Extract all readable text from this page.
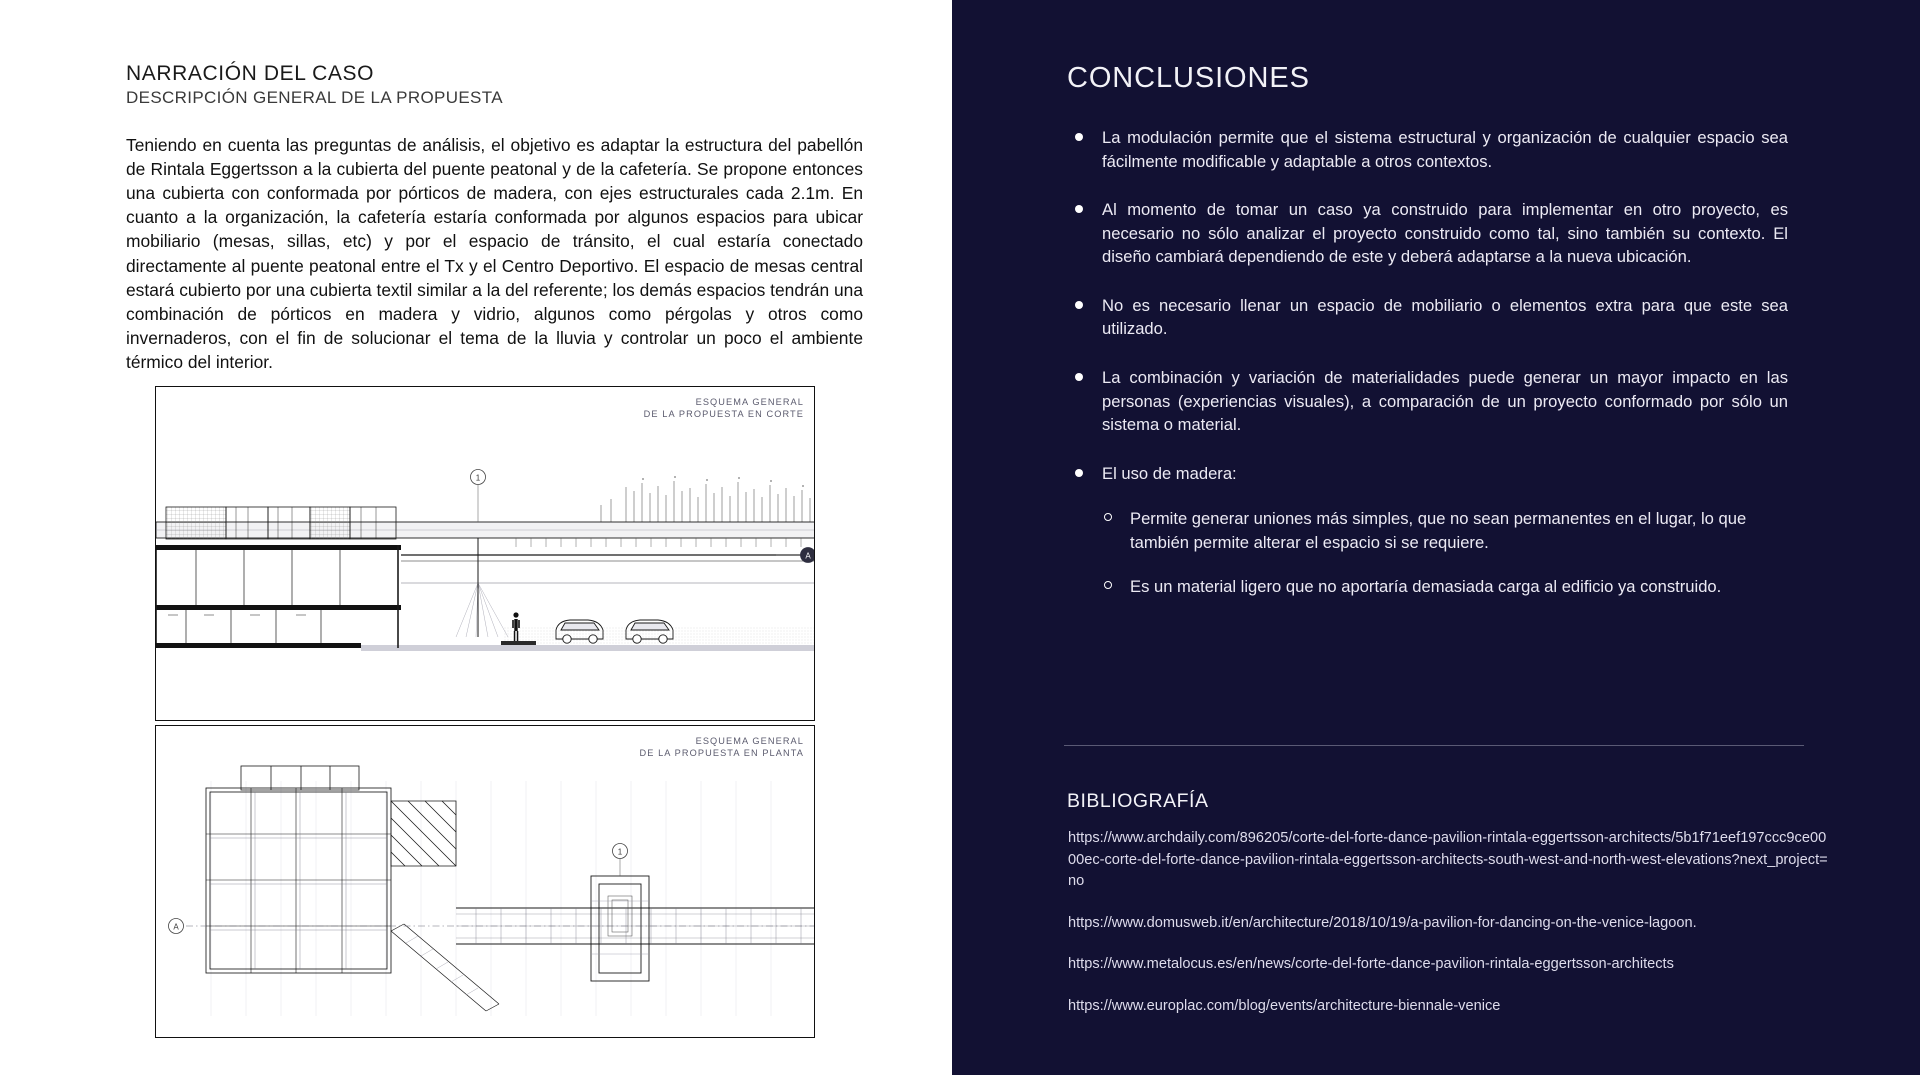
NARRACIÓN DEL CASO
DESCRIPCIÓN GENERAL DE LA PROPUESTA

Teniendo en cuenta las preguntas de análisis, el objetivo es adaptar la estructura del pabellón de Rintala Eggertsson a la cubierta del puente peatonal y de la cafetería. Se propone entonces una cubierta con conformada por pórticos de madera, con ejes estructurales cada 2.1m. En cuanto a la organización, la cafetería estaría conformada por algunos espacios para ubicar mobiliario (mesas, sillas, etc) y por el espacio de tránsito, el cual estaría conectado directamente al puente peatonal entre el Tx y el Centro Deportivo. El espacio de mesas central estará cubierto por una cubierta textil similar a la del referente; los demás espacios tendrán una combinación de pórticos en madera y vidrio, algunos como pérgolas y otros como invernaderos, con el fin de solucionar el tema de la lluvia y controlar un poco el ambiente térmico del interior.

1
A
ESQUEMA GENERAL
DE LA PROPUESTA EN CORTE
1
A
ESQUEMA GENERAL
DE LA PROPUESTA EN PLANTA
CONCLUSIONES
La modulación permite que el sistema estructural y organización de cualquier espacio sea fácilmente modificable y adaptable a otros contextos.
Al momento de tomar un caso ya construido para implementar en otro proyecto, es necesario no sólo analizar el proyecto construido como tal, sino también su contexto. El diseño cambiará dependiendo de este y deberá adaptarse a la nueva ubicación.
No es necesario llenar un espacio de mobiliario o elementos extra para que este sea utilizado.
La combinación y variación de materialidades puede generar un mayor impacto en las personas (experiencias visuales), a comparación de un proyecto conformado por sólo un sistema o material.
El uso de madera:
Permite generar uniones más simples, que no sean permanentes en el lugar, lo que también permite alterar el espacio si se requiere.
Es un material ligero que no aportaría demasiada carga al edificio ya construido.
BIBLIOGRAFÍA
https://www.archdaily.com/896205/corte-del-forte-dance-pavilion-rintala-eggertsson-architects/5b1f71eef197ccc9ce0000ec-corte-del-forte-dance-pavilion-rintala-eggertsson-architects-south-west-and-north-west-elevations?next_project=no
https://www.domusweb.it/en/architecture/2018/10/19/a-pavilion-for-dancing-on-the-venice-lagoon.
https://www.metalocus.es/en/news/corte-del-forte-dance-pavilion-rintala-eggertsson-architects
https://www.europlac.com/blog/events/architecture-biennale-venice
